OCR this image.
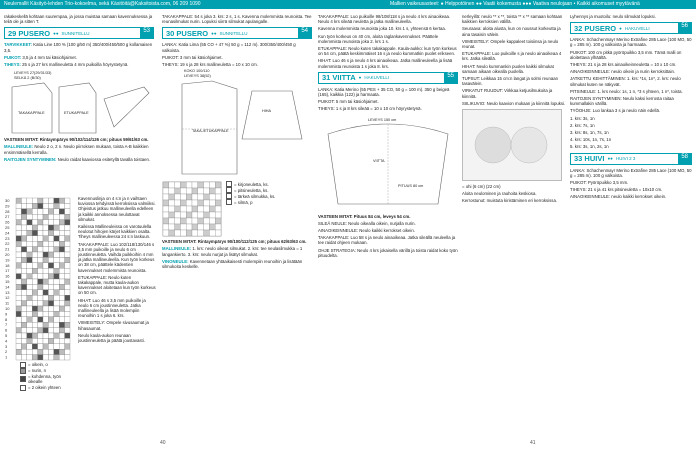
Neulemallit Käsityö-lehden Trio-kokoelma, sekä Käsitöitä@Kaksitoista.com, 06 209 1090	Mallien vaikeusasteet: ● Helppotöinen ●● Vaatii kokemusta ●●● Vaativa neulojaan • Kaikki aikomuset myytävänä

rakakeskellä kohtaan suurempaa, ja jossa muistaa samaan kavennuksessa ja teliä ole ja sitten T.

29 PUSERO ●● SUNNITELLU	53

TARVIKKEET: Katia Line 100 % (100 g/50 m) 350/400/450/500 g kollamaisen 3,5.

PUIKOT: 3,5 ja 4 mm tai käsiohjaimet.

TIHEYS: 25 s ja 27 krs mallineuletta 4 mm puikoilla höyrystetynä.

LEVEYS 27(29/31/33)
SELKÄ 2 (B/30)
TAKAKAPPALE	ETUKAPPALE

VASTEEN MITAT: Rintaympärys 90/102/114/126 cm; pituus 59/61/63 cm.

MALLINEULE: Neulo 2 o, 2 n. Neulo piirroksen mukaan, toista A-B kaikkien ensimmäisellä kerralla.

RAITOJEN SYNTYMINEN: Neulo raidat kaaviossa esitetyllä tavalla toistaen.

30
29
28
27
26
25
24
23
22
21
20
19
18
17
16
15
14
13
12
11
10
9
8
7
6
5
4
3
2
1

Kavennuslinja on 4 s:n ja n vaihtaen kuviossa tehdyissä kerroksissa valmiiksi. Ohjeistus jatkuu mallineuleella edelleen ja kaikki annoksessa neulottavat silmukat.

Kaikissa Mallineuleissa on varotuulella neulotut hihojen kärjet kaikkien osalta. Tiheys mallineuleessa 24 s:n laskuun.

TAKAKAPPALE: Luo 102/118/130/146 s 3,5 mm puikoille ja neulo 6 cm joustinneuletta. Vaihda puikkoihin 4 mm ja jatka mallineuleella. Kun työn korkeus on 38 cm, päättele kädentien kavennukset molemmista reunoista.

ETUKAPPALE: Neulo kuten takakappale, mutta kaula-aukon kavennukset aloitetaan kun työn korkeus on 50 cm.

HIHAT: Luo 46 s 3,5 mm puikoille ja neulo 6 cm joustinneuletta. Jatka mallineuleella ja lisää molempiin reunoihin 1 s joka 6. krs.

VIIMEISTELY: Ompele sivusaumat ja hihasaumat.

Neulo kaula-aukon reunaan joustinneuletta ja päätä joustavasti.

= oikein, o
= nurin, n
= kohdenna, työn oikealle
= 2 oikein yhteen

TAKAKAPPALE: 54 s joka 3. krs: 2 s, 1 s. Kavenna molemmista reunoista. Tee reunasilmukat nurin. Lopuksi siirrä silmukat apulangalle.

30 PUSERO ●● SUNNITELLU	54

LANKA: Katia Lima (55 CO + 47 %) 50 g = 112 m). 300/350/400/450 g valkoista.

PUIKOT: 3 mm tai käsiohjaimet.

TIHEYS: 19 s ja 28 krs mallineuletta = 10 x 10 cm.

KOKO 100/110
LEVEYS 38(52)
TAKA-/ETUKAPPALE
HIHA
= kirjoneuletta, ks.
= pitsineuletta, ks.
= tärkeä silmukka, ks.
= silmä, p

VASTEEN MITAT: Rintaympärys 90/100/112/125 cm; pituus 62/63/63 cm.

MALLINEULE: 1. krs: neulo oikeat silmukat. 2. krs: tee neulasilmukka = 1 langankierto. 3. krs: neulo nurjat ja lisätyt silmukat.

VINONEULE: Kavennetaan yhtäaikaisesti molempiin reunoihin ja lisätään silmukoita keskelle.

TAKAKAPPALE: Luo puikoille 98/108/118 s ja neulo 4 krs ainaoikeaa. Neulo 4 krs sileää neuletta ja jatka mallineuleella.

Kavenna molemmista reunoista joka 10. krs 1 s, yhteensä 6 kertaa.

Kun työn korkeus on 40 cm, aloita raglankavennukset. Päättele molemmista reunoista joka 2. krs 1 s.

ETUKAPPALE: Neulo kuten takakappale. Kaula-aukko: kun työn korkeus on 54 cm, päätä keskimmäiset 16 s ja neulo kummatkin puolet erikseen.

HIHAT: Luo 46 s ja neulo 4 krs ainaoikeaa. Jatka mallineuleella ja lisää molemmista reunoista 1 s joka 8. krs.

31 VIITTA ● HAKUVELLI	55

LANKA: Katia Merino (55 PES + 35 CO, 50 g = 100 m). 350 g beigeä (165), kaikkia (122) ja harmaata.

PUIKOT: 5 mm tai käsiohjaimet.

TIHEYS: 1 s ja 8 krs sileää = 10 x 10 cm höyrystetynä.

LEVEYS 150 cm
VIITTA
PITUUS 80 cm

VASTEEN MITAT: Pituus 84 cm, leveys 54 cm.

SILEÄ NEULE: Neulo oikealla oikein, nurjalla nurin.

AINAOIKEINNEULE: Neulo kaikki kerrokset oikein.

TAKAKAPPALE: Luo 58 s ja neulo ainaoikeaa. Jatka sileällä neuleella ja tee raidat ohjeen mukaan.

OHJE STRATEGIA: Neulo 4 krs jokaisella värillä ja toista raidat koko työn pituudelta.

nerleyillä: neulo ** x **, toista ** x ** samaan kohtaan kaikkien kerroksien välillä.

Seuraava: aloita alusta, kun on noussut korkeutta ja aina tasaisin välein.

VIIMEISTELY: Ompele kappaleet toisiinsa ja neulo reunat.

ETUKAPPALE: Luo puikoille s ja neulo ainaoikeaa 4 krs. Jatka sileällä.

HIHAT: Neulo kummankin puolen kaikki silmukat samaan aikaan oikealla puolella.

TUPSUT: Leikkaa 15 cm:n langat ja solmi reunaan tasavälein.

VIRKATUT RUUDUT: Virkkaa ketjusilmukoita ja kiinnitä.

SIILIKUVIO: Neulo kaavion mukaan ja kiinnitä lopuksi.

= ohi (6 cm) (22 cm)

Aloita neulominen ja rauhoita keskiosa.

Kerrostunut: muistuta kiristäminen eri kerroksissa.

Lyhennys ja muotoilu: neulo silmukat lopuksi.

32 PUSERO ● HAKUVELLI	56

LANKA: Schachenmayr Merino Extrafine 285 Lace (100 MO, 50 g = 285 m). 100 g valkoista ja harmaata.

PUIKOT: 100 cm pitkä pyöröpuikko 3,5 mm. Tämä malli on aloitettava ylhäältä.

TIHEYS: 21 s ja 28 krs ainaoikeinneuletta = 10 x 10 cm.

AINAOIKEINNEULE: neulo oikein ja nurin kerroksittain.

JATKETTU KEHITTÄMINEN: 1. krs: *1s, 1n*, 2. krs: neulo silmukat kuten ne näkyvät.

PITSINEULE: 1. krs neulo: 1s, 1 n, *3 s yhteen, 1 n*, toista.

RAITOJEN SYNTYMINEN: Neulo kaksi kerrosta raitaa kummallakin värillä.

TYÖOHJE: Luo lankaa 3 s ja neulo näin edellä.

1. krs: 3s, 1n

2. krs: 7s, 1n

3. krs: 8s, 1n, 7s, 1n

4. krs: 10s, 1n, 7s, 1n

5. krs: 3s, 1n, 2s, 1n

33 HUIVI ●● HUIVI 2 3	58

LANKA: Schachenmayr Merino Extrafine 285 Lace (100 MO, 50 g = 285 m). 100 g valkoista.

PUIKOT: Pyöröpuikko 3,5 mm.

TIHEYS: 21 s ja 41 krs pitsineuletta = 10x10 cm.

AINAOIKEINNEULE: neulo kaikki kerrokset oikein.

40	41
